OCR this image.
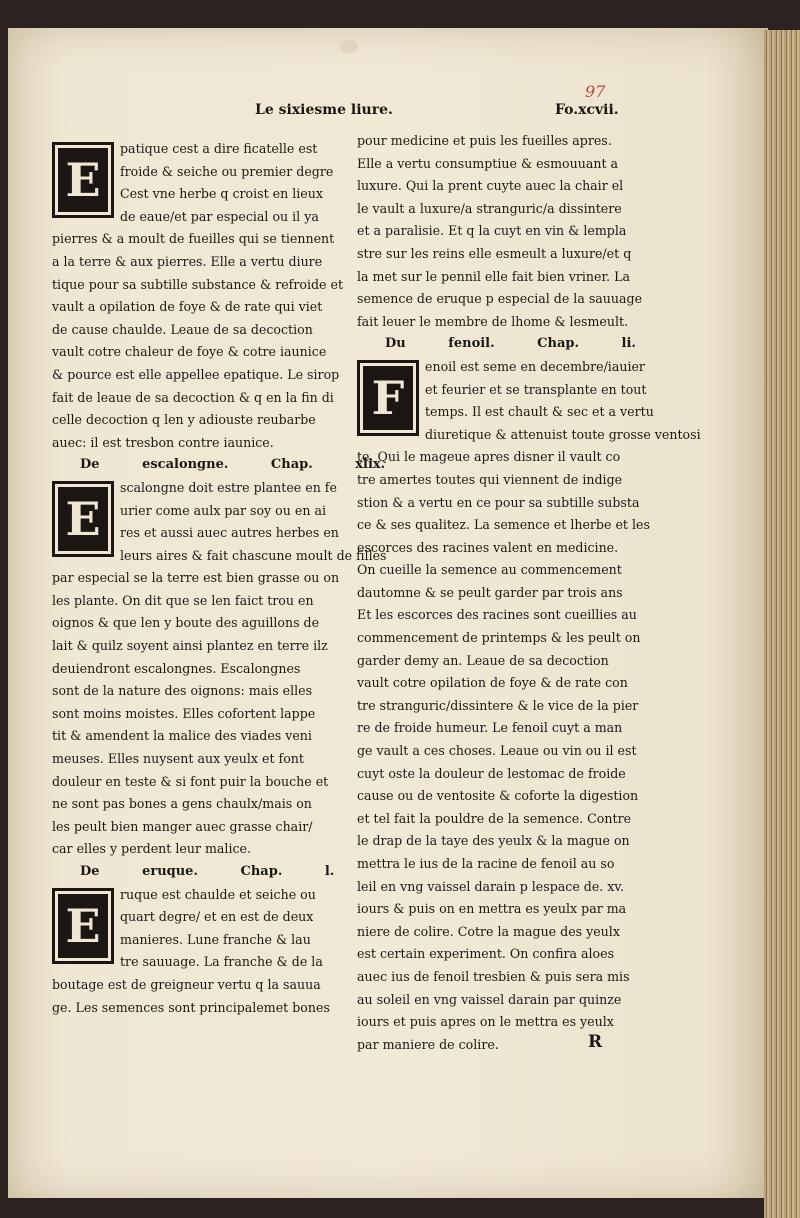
97
Le sixiesme liure.	Fo.xcvii.
E

patique cest a dire ficatelle est

froide & seiche ou premier degre

Cest vne herbe q croist en lieux

de eaue/et par especial ou il ya

pierres & a moult de fueilles qui se tiennent

a la terre & aux pierres. Elle a vertu diure

tique pour sa subtille substance & refroide et

vault a opilation de foye & de rate qui viet

de cause chaulde. Leaue de sa decoction

vault cotre chaleur de foye & cotre iaunice

& pource est elle appellee epatique. Le sirop

fait de leaue de sa decoction & q en la fin di

celle decoction q len y adiouste reubarbe

auec: il est tresbon contre iaunice.

De escalongne. Chap. xlix.

E

scalongne doit estre plantee en fe

urier come aulx par soy ou en ai

res et aussi auec autres herbes en

leurs aires & fait chascune moult de filles

par especial se la terre est bien grasse ou on

les plante. On dit que se len faict trou en

oignos & que len y boute des aguillons de

lait & quilz soyent ainsi plantez en terre ilz

deuiendront escalongnes. Escalongnes

sont de la nature des oignons: mais elles

sont moins moistes. Elles cofortent lappe

tit & amendent la malice des viades veni

meuses. Elles nuysent aux yeulx et font

douleur en teste & si font puir la bouche et

ne sont pas bones a gens chaulx/mais on

les peult bien manger auec grasse chair/

car elles y perdent leur malice.

De eruque. Chap. l.

E

ruque est chaulde et seiche ou

quart degre/ et en est de deux

manieres. Lune franche & lau

tre sauuage. La franche & de la

boutage est de greigneur vertu q la sauua

ge. Les semences sont principalemet bones

pour medicine et puis les fueilles apres.

Elle a vertu consumptiue & esmouuant a

luxure. Qui la prent cuyte auec la chair el

le vault a luxure/a stranguric/a dissintere

et a paralisie. Et q la cuyt en vin & lempla

stre sur les reins elle esmeult a luxure/et q

la met sur le pennil elle fait bien vriner. La

semence de eruque p especial de la sauuage

fait leuer le membre de lhome & lesmeult.

Du fenoil. Chap. li.

F

enoil est seme en decembre/iauier

et feurier et se transplante en tout

temps. Il est chault & sec et a vertu

diuretique & attenuist toute grosse ventosi

te. Qui le mageue apres disner il vault co

tre amertes toutes qui viennent de indige

stion & a vertu en ce pour sa subtille substa

ce & ses qualitez. La semence et lherbe et les

escorces des racines valent en medicine.

On cueille la semence au commencement

dautomne & se peult garder par trois ans

Et les escorces des racines sont cueillies au

commencement de printemps & les peult on

garder demy an. Leaue de sa decoction

vault cotre opilation de foye & de rate con

tre stranguric/dissintere & le vice de la pier

re de froide humeur. Le fenoil cuyt a man

ge vault a ces choses. Leaue ou vin ou il est

cuyt oste la douleur de lestomac de froide

cause ou de ventosite & coforte la digestion

et tel fait la pouldre de la semence. Contre

le drap de la taye des yeulx & la mague on

mettra le ius de la racine de fenoil au so

leil en vng vaissel darain p lespace de. xv.

iours & puis on en mettra es yeulx par ma

niere de colire. Cotre la mague des yeulx

est certain experiment. On confira aloes

auec ius de fenoil tresbien & puis sera mis

au soleil en vng vaissel darain par quinze

iours et puis apres on le mettra es yeulx

par maniere de colire.	R
